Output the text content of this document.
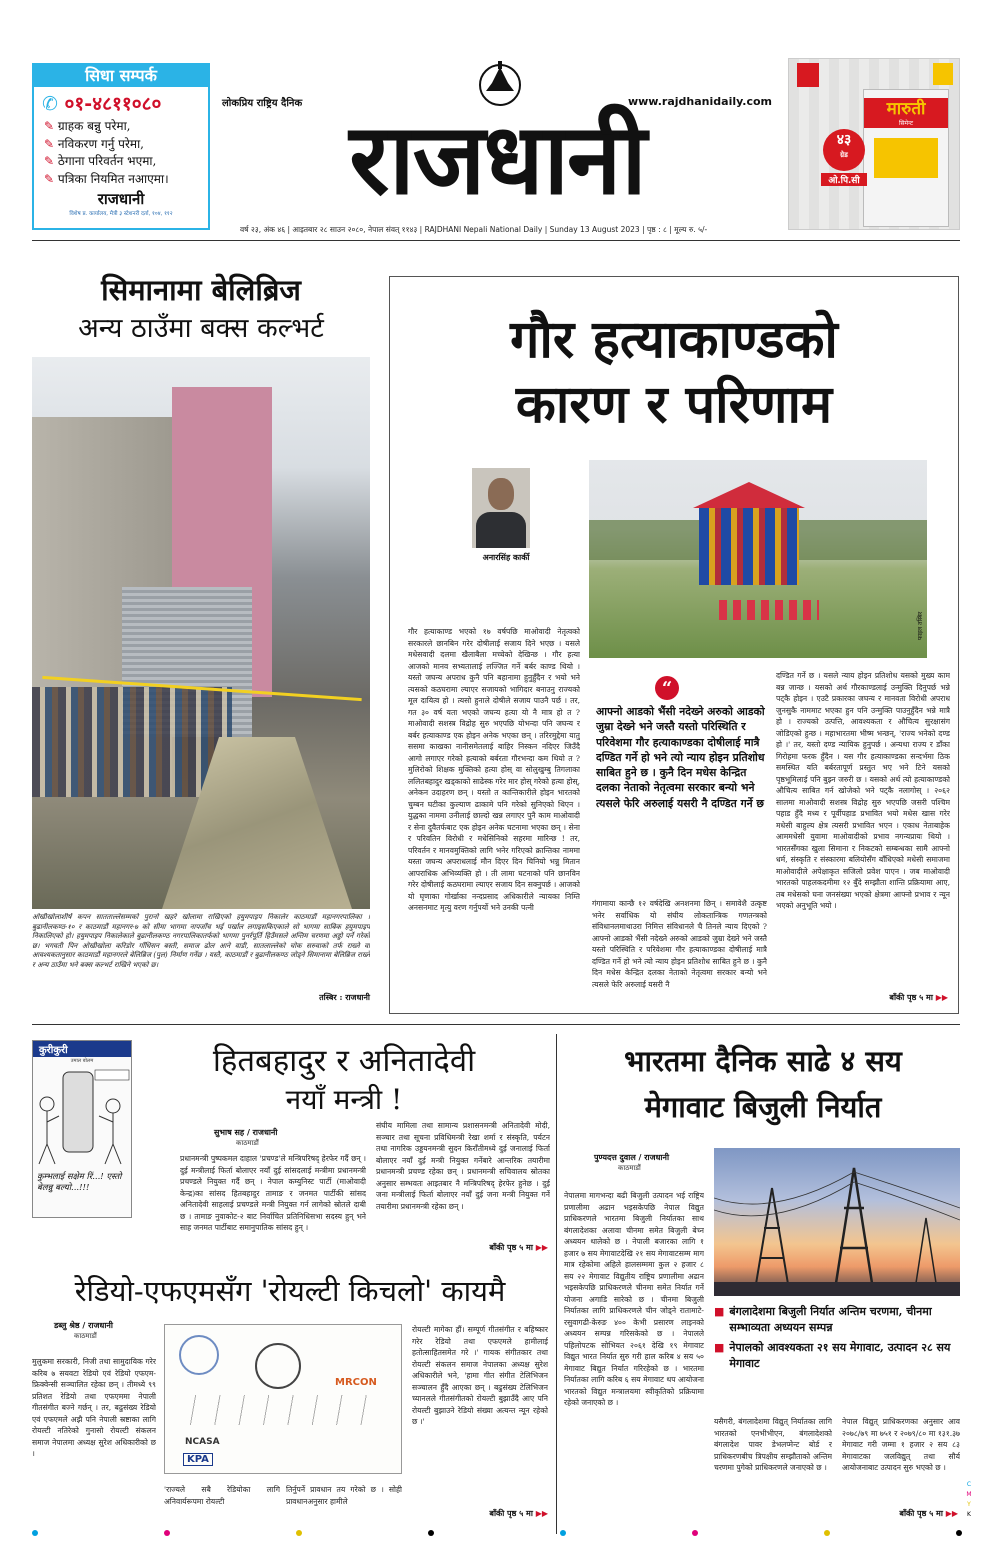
सिधा सम्पर्क
✆ ०१-४८११०८०
✎ ग्राहक बन्नु परेमा,
✎ नविकरण गर्नु परेमा,
✎ ठेगाना परिवर्तन भएमा,
✎ पत्रिका नियमित नआएमा।
राजधानी
विशेष प्र. कार्यालय, मैत्री ३ स्टेशनरी दर्ता, १०४, ११२
लोकप्रिय राष्ट्रिय दैनिक	www.rajdhanidaily.com
राजधानी
वर्ष २३, अंक ४६ | आइतबार २८ साउन २०८०, नेपाल संवत् ११४३ | RAJDHANI Nepali National Daily | Sunday 13 August 2023 | पृष्ठ : ८ | मूल्य रु. ५/-
मारुती
सिमेन्ट
४३
ग्रेड
ओ.पि.सी
सिमानामा बेलिब्रिज
अन्य ठाउँमा बक्स कल्भर्ट
ओखीखोलाशीर्ष कपन सातताल्लेसम्मको पुरानो खहरे खोलामा राखिएको हयुमपाइप निकालेर काठमाडौं महानगरपालिका । बुढानीलकण्ठ-१० र काठमाडौं महानगर-७ को सीमा भागमा नापजाँच भई पर्खाल लगाइसकिएकाले सो भागमा साबिक हयुमपाइप निकालिएको हो। हयुमपाइप निकालेकाले बुढानीलकण्ठ नगरपालिकातर्फको भागमा पुनर्रपूर्ति हिउँमसले अन्तिम चरणमा अड्डो पर्ने गरेको छ। भगवती पिन ओखीखोला करिडोर गाँधिसन बस्ती, समाज ढोल आने वाडी, सातलाल्लेको चोक सरुवाको तर्फ राख्ने वा आवश्यकतानुसार काठमाडौं महानगरले बेलिब्रिज (पुल) निर्माण गर्नेछ । यस्तै, काठमाडौं र बुढानीलकण्ठ जोड्ने सिमानामा बेलिब्रिज राख्ने र अन्य ठाउँमा भने बक्स कल्भर्ट राखिने भएको छ।
तस्बिर : राजधानी
गौर हत्याकाण्डको
कारण र परिणाम
अनारसिंह कार्की
फाइल तस्बिर
गौर हत्याकाण्ड भएको १७ वर्षपछि माओवादी नेतृत्वको सरकारले छानबिन गरेर दोषीलाई सजाय दिने भएछ । यसले मधेसवादी दलमा खैलाबैला मच्चेको देखिन्छ । गौर हत्या आजको मानव सभ्यतालाई लज्जित गर्ने बर्बर काण्ड थियो । यस्तो जघन्य अपराध कुनै पनि बहानामा हुनुहुँदैन र भयो भने त्यसको कठघरामा ल्याएर सजायको भागिदार बनाउनु राज्यको मूल दायित्व हो । त्यसो हुनाले दोषीले सजाय पाउनै पर्छ । तर, गत ३० वर्ष यता भएको जघन्य हत्या यो नै मात्र हो त ? माओवादी सशस्त्र विद्रोह सुरु भएपछि योभन्दा पनि जघन्य र बर्बर हत्याकाण्ड एक होइन अनेक भएका छन् । तरिरमुद्देमा यातु ससमा काखका नानीसमेतलाई बाहिर निस्कन नदिएर जिउँदै आगो लगाएर गरेको हत्याको बर्बरता गौरभन्दा कम थियो त ? मुलिरोको शिक्षक मुक्तिको हत्या होस् वा सोलुखुम्बु तिगलाका ललितबहादुर खड्काको साढेस्क गरेर मार होस् गरेको हत्या होस्, अनेकन उदाहरण छन् । यस्तो त कान्तिकारीले होइन भारतको चुम्बन घटीका कुल्याण ढाकामे पनि गरेको सुनिएको थिएन । युद्धका नाममा उनीलाई छाल्दो खन्न लगाएर पुनै काम माओवादी र सेना दुवैतर्फबाट एक होइन अनेक घटनामा भएका छन् । सेना र परिवतिन विरोधी र मधेसिनिको सहरमा मारिन्छ ! तर, परिवर्तन र मानवमुक्तिको लागि भनेर गरिएको क्रान्तिका नाममा यस्ता जघन्य अपराधलाई मौन दिएर दिन चिनियो भन्नु मितान आपराधिक अभिव्यक्ति हो । ती लामा घटनाको पनि छानविन गरेर दोषीलाई कठघरामा ल्याएर सजाय दिन सक्नुपर्छ । आजको यो घृणाका गोर्खाका नन्दप्रसाद अधिकारीले न्यायका निम्ति अनसनमाट मृत्यु वरण गर्नुपर्यो भने उनकी पत्नी
“
आफ्नो आडको भैंसी नदेख्ने अरुको आडको जुम्रा देख्ने भने जस्तै यस्तो परिस्थिति र परिवेशमा गौर हत्याकाण्डका दोषीलाई मात्रै दण्डित गर्ने हो भने त्यो न्याय होइन प्रतिशोध साबित हुने छ । कुनै दिन मधेस केन्द्रित दलका नेताको नेतृत्वमा सरकार बन्यो भने त्यसले फेरि अरुलाई यसरी नै दण्डित गर्ने छ
गंगामाया कान्छै १२ वर्षदेखि अनशनमा छिन् । समावेशै उत्कृष्ट भनेर सर्वाधिक यो संघीय लोकतान्त्रिक गणतन्त्रको संविधानलमाथाउरा निमित्त संविधानले चै तिनले न्याय दिएको ? आफ्नो आडको भैंसी नदेख्ने अरुको आडको जुम्रा देख्ने भने जस्तै यस्तो परिस्थिति र परिवेशमा गौर हत्याकाण्डका दोषीलाई मात्रै दण्डित गर्ने हो भने त्यो न्याय होइन प्रतिशोध साबित हुने छ । कुनै दिन मधेस केन्द्रित दलका नेताको नेतृत्वमा सरकार बन्यो भने त्यसले फेरि अरुलाई यसरी नै
दण्डित गर्ने छ । यसले न्याय होइन प्रतिशोध यसको मुख्य काम बन्न जान्छ । यसको अर्थ गौरकाण्डलाई उन्मुक्ति दिनुपर्छ भन्ने पट्कै होइन । एउटै प्रकारका जघन्य र मानवता विरोधी अपराध जुनसुकै नाममाट भएका हुन पनि उन्मुक्ति पाउनुहुँदैन भन्ने मात्रै हो । राज्यको उत्पत्ति, आवश्यकता र औचित्य सुरक्षासंग जोडिएको हुन्छ । महाभारतमा भीष्म भन्छन्, 'राज्य भनेको दण्ड हो ।' तर, यस्तो दण्ड न्यायिक हुनुपर्छ । अन्यथा राज्य र डाँका गिरोहमा फरक हुँदैन । यस गौर हत्याकाण्डका सन्दर्भमा ठिक समस्थित यति बर्बरतापूर्ण प्रस्तुत भए भने टिने यसको पृष्ठभूमिलाई पनि बुझ्न जरुरी छ । यसको अर्थ त्यो हत्याकाण्डको औचित्य साबित गर्न खोजेको भने पट्कै नलागोस् । २०६२ सालमा माओवादी सशस्त्र विद्रोह सुरु भएपछि जसरी पश्चिम पहाड हुँदै मध्य र पूर्वीपहाड प्रभावित भयो मधेस खास गरेर मधेसी बाहुल्य क्षेत्र त्यसरी प्रभावित भएन । एकाध नेताबाहेक आममधेसी युवामा माओवादीको प्रभाव नगन्यप्रायः थियो । भारतसँगका खुला सिमाना र निकटको सम्बन्धका सामै आफ्नो धर्म, संस्कृति र संस्कारमा बलियोसँग बाँधिएको मधेसी समाजमा माओवादीले अपेक्षाकृत सजिलो प्रवेश पाएन । जब माओवादी भारतको पाहलकदमीमा १२ बुँदे सम्झौता शान्ति प्रक्रियामा आए, तब मधेसको घना जनसंख्या भएको क्षेत्रमा आफ्नो प्रभाव र न्यून भएको अनुभूति भयो ।
बाँकी पृष्ठ ५ मा ▶▶
कुरीकुरी
उमाल बोलम
कुम्भलाई सक्षेम रिं...! एस्तो बेलन्नु बल्यो...!!!
हितबहादुर र अनितादेवी
नयाँ मन्त्री !
सुभाष सह / राजधानी
काठमाडौं
प्रधानमन्त्री पुष्पकमल दाहाल 'प्रचण्ड'ले मन्त्रिपरिषद् हेरफेर गर्दै छन् । दुई मन्त्रीलाई फिर्ता बोलाएर नयाँ दुई सांसदलाई मन्त्रीमा प्रधानमन्त्री प्रचण्डले नियुक्त गर्दै छन् । नेपाल कम्युनिस्ट पार्टी (माओवादी केन्द्र)का सांसद हितबहादुर तामाङ र जनमत पार्टीकी सांसद अनितादेवी साहलाई प्रचण्डले मन्त्री नियुक्त गर्न लागेको स्रोतले दाबी छ । तामाङ नुवाकोट-२ बाट निर्वाचित प्रतिनिधिसभा सदस्य हुन् भने साह जनमत पार्टीबाट समानुपातिक सांसद हुन् ।
संघीय मामिला तथा सामान्य प्रशासनमन्त्री अनितादेवी मोदी, सञ्चार तथा सूचना प्रविधिमन्त्री रेखा शर्मा र संस्कृति, पर्यटन तथा नागरिक उड्डयनमन्त्री सुदन किराँतीमध्ये दुई जनालाई फिर्ता बोलाएर नयाँ दुई मन्त्री नियुक्त गर्नेबारे आन्तरिक तयारीमा प्रधानमन्त्री प्रचण्ड रहेका छन् । प्रधानमन्त्री सचिवालय स्रोतका अनुसार सम्भवतः आइतबार नै मन्त्रिपरिषद् हेरफेर हुनेछ । दुई जना मन्त्रीलाई फिर्ता बोलाएर नयाँ दुई जना मन्त्री नियुक्त गर्ने तयारीमा प्रधानमन्त्री रहेका छन् ।
बाँकी पृष्ठ ५ मा ▶▶
रेडियो-एफएमसँग 'रोयल्टी किचलो' कायमै
डब्लु श्रेष्ठ / राजधानी
काठमाडौं
मुलुकमा सरकारी, निजी तथा सामुदायिक गरेर करिब ७ सयवटा रेडियो एवं रेडियो एफएम-फ्रिक्वेन्सी सञ्चालित रहेका छन् । तीमध्ये ९९ प्रतिशत रेडियो तथा एफएममा नेपाली गीतसंगीत बज्ने गर्छन् । तर, बढुसंख्य रेडियो एवं एफएमले अझै पनि नेपाली स्रष्टाका लागि रोयल्टी नतिरेको गुनासो रोयल्टी संकलन समाज नेपालमा अध्यक्ष सुरेश अधिकारीको छ ।
NCASA
MRCON
KPA
'राज्यले सबै रेडियोका लागि अनिवार्यरूपमा रोयल्टी
तिर्नुपर्ने प्रावधान तय गरेको छ । सोही प्रावधानअनुसार हामीले
रोयल्टी मागेका हौं। सम्पूर्ण गीतसंगीत र बहिष्कार गरेर रेडियो तथा एफएमले हामीलाई हतोत्साहितसमेत गरे ।' गायक संगीतकार तथा रोयल्टी संकलन समाज नेपालका अध्यक्ष सुरेश अधिकारीले भने, 'हामा गीत संगीत टेलिभिजन सञ्चालन हुँदै आएका छन् । बढुसंख्य टेलिभिजन च्यानलले गीतसंगीतको रोयल्टी बुझाउँदै आए पनि रोयल्टी बुझाउने रेडियो संख्या अत्यन्त न्यून रहेको छ ।'
बाँकी पृष्ठ ५ मा ▶▶
भारतमा दैनिक साढे ४ सय
मेगावाट बिजुली निर्यात
पुण्यदत्त दुवाल / राजधानी
काठमाडौं
नेपालमा मागभन्दा बढी बिजुली उत्पादन भई राष्ट्रिय प्रणालीमा अढान भइसकेपछि नेपाल विद्युत प्राधिकरणले भारतमा बिजुली निर्यातका साथ बंगलादेशका अलावा चीनमा समेत बिजुली बेच्न अध्ययन थालेको छ । नेपाली बजारका लागि १ हजार ७ सय मेगावाटदेखि २१ सय मेगावाटसम्म माग मात्र रहेकोमा अहिले हालसम्ममा कुल २ हजार ८ सय २२ मेगावाट विद्युतीय राष्ट्रिय प्रणालीमा अढान भइसकेपछि प्राधिकरणले चीनमा समेत निर्यात गर्ने योजना अगाडि सारेको छ । चीनमा बिजुली निर्यातका लागि प्राधिकरणले चीन जोड्ने रातामाटे-रसुवागढी-केरुङ ४०० केभी प्रसारण लाइनको अध्ययन सम्पन्न गरिसकेको छ । नेपालले पहिलोपटक सोभियत २०६१ देखि १९ मेगावाट विद्युत भारत निर्यात सुरु गरी हाल करिब ४ सय ५० मेगावाट बिद्युत निर्यात गरिरहेको छ । भारतमा निर्यातका लागि करिब ६ सय मेगावाट थप आयोजना भारतको विद्युत मन्त्रालयमा स्वीकृतिको प्रक्रियामा रहेको जनाएको छ ।
■ बंगलादेशमा बिजुली निर्यात अन्तिम चरणमा, चीनमा सम्भाव्यता अध्ययन सम्पन्न
■ नेपालको आवश्यकता २१ सय मेगावाट, उत्पादन २८ सय मेगावाट
यसैगरी, बंगलादेशमा विद्युत् निर्यातका लागि भारतको एनभीभीएन, बंगलादेशको बंगलादेश पावर डेभलप्मेन्ट बोर्ड र प्राधिकरणबीच त्रिपक्षीय सम्झौताको अन्तिम चरणमा पुगेको प्राधिकरणले जनाएको छ ।
नेपाल विद्युत् प्राधिकरणका अनुसार आव २०७८/७९ मा ७५१ र २०७९/८० मा १३१.३७ मेगावाट गरी जम्मा १ हजार २ सय ८३ मेगावाटका जलविद्युत् तथा सौर्य आयोजनाबाट उत्पादन सुरु भएको छ ।
बाँकी पृष्ठ ५ मा ▶▶
C
M
Y
K
